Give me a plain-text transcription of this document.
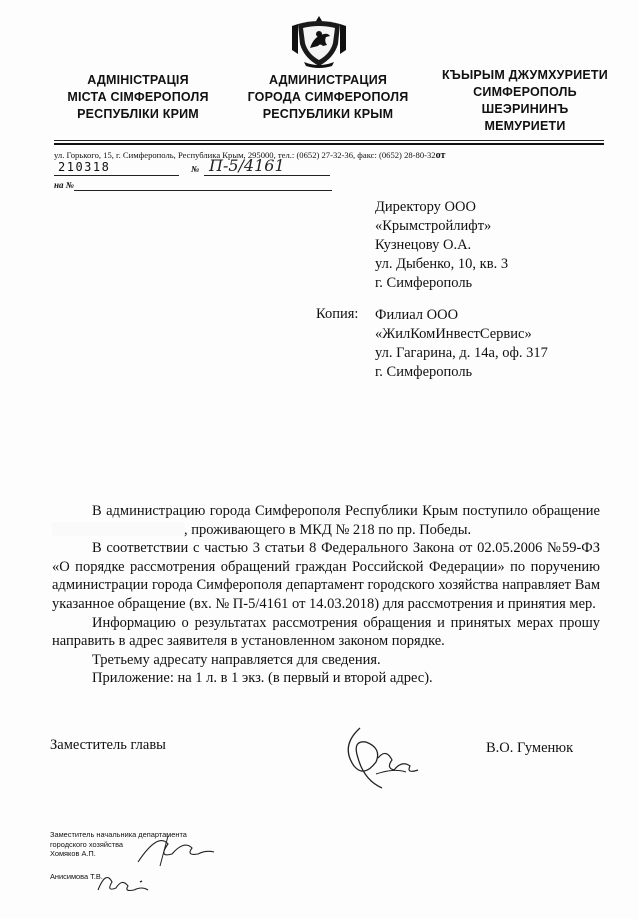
АДМІНІСТРАЦІЯ
МІСТА СІМФЕРОПОЛЯ
РЕСПУБЛІКИ КРИМ
АДМИНИСТРАЦИЯ
ГОРОДА СИМФЕРОПОЛЯ
РЕСПУБЛИКИ КРЫМ
КЪЫРЫМ ДЖУМХУРИЕТИ
СИМФЕРОПОЛЬ
ШЕЭРИНИНЪ
МЕМУРИЕТИ
ул. Горького, 15, г. Симферополь, Республика Крым, 295000, тел.: (0652) 27-32-36, факс: (0652) 28-80-32от
210318	№ П-5/4161
на №
Директору ООО
«Крымстройлифт»
Кузнецову О.А.
ул. Дыбенко, 10, кв. 3
г. Симферополь
Копия: Филиал ООО
«ЖилКомИнвестСервис»
ул. Гагарина, д. 14а, оф. 317
г. Симферополь

В администрацию города Симферополя Республики Крым поступило обращение , проживающего в МКД № 218 по пр. Победы.

В соответствии с частью 3 статьи 8 Федерального Закона от 02.05.2006 №59-ФЗ «О порядке рассмотрения обращений граждан Российской Федерации» по поручению администрации города Симферополя департамент городского хозяйства направляет Вам указанное обращение (вх. № П-5/4161 от 14.03.2018) для рассмотрения и принятия мер.

Информацию о результатах рассмотрения обращения и принятых мерах прошу направить в адрес заявителя в установленном законом порядке.

Третьему адресату направляется для сведения.

Приложение: на 1 л. в 1 экз. (в первый и второй адрес).

Заместитель главы	В.О. Гуменюк
Заместитель начальника департамента
городского хозяйства
Хомяков А.П.
Анисимова Т.В.
